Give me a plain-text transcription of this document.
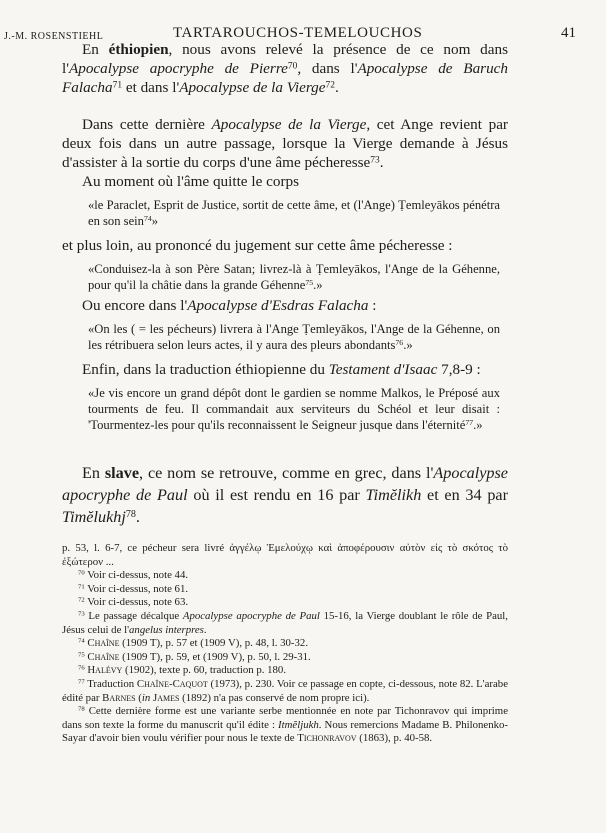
J.-M. ROSENSTIEHL	TARTAROUCHOS-TEMELOUCHOS	41
En éthiopien, nous avons relevé la présence de ce nom dans l'Apocalypse apocryphe de Pierre$^{70}$, dans l'Apocalypse de Baruch Falacha$^{71}$ et dans l'Apocalypse de la Vierge$^{72}$.
Dans cette dernière Apocalypse de la Vierge, cet Ange revient par deux fois dans un autre passage, lorsque la Vierge demande à Jésus d'assister à la sortie du corps d'une âme pécheresse$^{73}$.
Au moment où l'âme quitte le corps
«le Paraclet, Esprit de Justice, sortit de cette âme, et (l'Ange) Ṭemleyākos pénétra en son sein$^{74}$»
et plus loin, au prononcé du jugement sur cette âme pécheresse :
«Conduisez-la à son Père Satan; livrez-là à Ṭemleyākos, l'Ange de la Géhenne, pour qu'il la châtie dans la grande Géhenne$^{75}$.»
Ou encore dans l'Apocalypse d'Esdras Falacha :
«On les ( = les pécheurs) livrera à l'Ange Ṭemleyākos, l'Ange de la Géhenne, on les rétribuera selon leurs actes, il y aura des pleurs abondants$^{76}$.»
Enfin, dans la traduction éthiopienne du Testament d'Isaac 7,8-9 :
«Je vis encore un grand dépôt dont le gardien se nomme Malkos, le Préposé aux tourments de feu. Il commandait aux serviteurs du Schéol et leur disait : 'Tourmentez-les pour qu'ils reconnaissent le Seigneur jusque dans l'éternité$^{77}$.»
En slave, ce nom se retrouve, comme en grec, dans l'Apocalypse apocryphe de Paul où il est rendu en 16 par Timĕlikh et en 34 par Timĕlukhj$^{78}$.

p. 53, l. 6-7, ce pécheur sera livré ἀγγέλῳ Ἐμελούχῳ καὶ ἀποφέρουσιν αὐτὸν εἰς τὸ σκότος τὸ ἐξώτερον ...

$^{70}$ Voir ci-dessus, note 44.

$^{71}$ Voir ci-dessus, note 61.

$^{72}$ Voir ci-dessus, note 63.

$^{73}$ Le passage décalque Apocalypse apocryphe de Paul 15-16, la Vierge doublant le rôle de Paul, Jésus celui de l'angelus interpres.

$^{74}$ Chaîne (1909 T), p. 57 et (1909 V), p. 48, l. 30-32.

$^{75}$ Chaîne (1909 T), p. 59, et (1909 V), p. 50, l. 29-31.

$^{76}$ Halévy (1902), texte p. 60, traduction p. 180.

$^{77}$ Traduction Chaîne-Caquot (1973), p. 230. Voir ce passage en copte, ci-dessous, note 82. L'arabe édité par Barnes (in James (1892) n'a pas conservé de nom propre ici).

$^{78}$ Cette dernière forme est une variante serbe mentionnée en note par Tichonravov qui imprime dans son texte la forme du manuscrit qu'il édite : Itmĕljukh. Nous remercions Madame B. Philonenko-Sayar d'avoir bien voulu vérifier pour nous le texte de Tichonravov (1863), p. 40-58.
